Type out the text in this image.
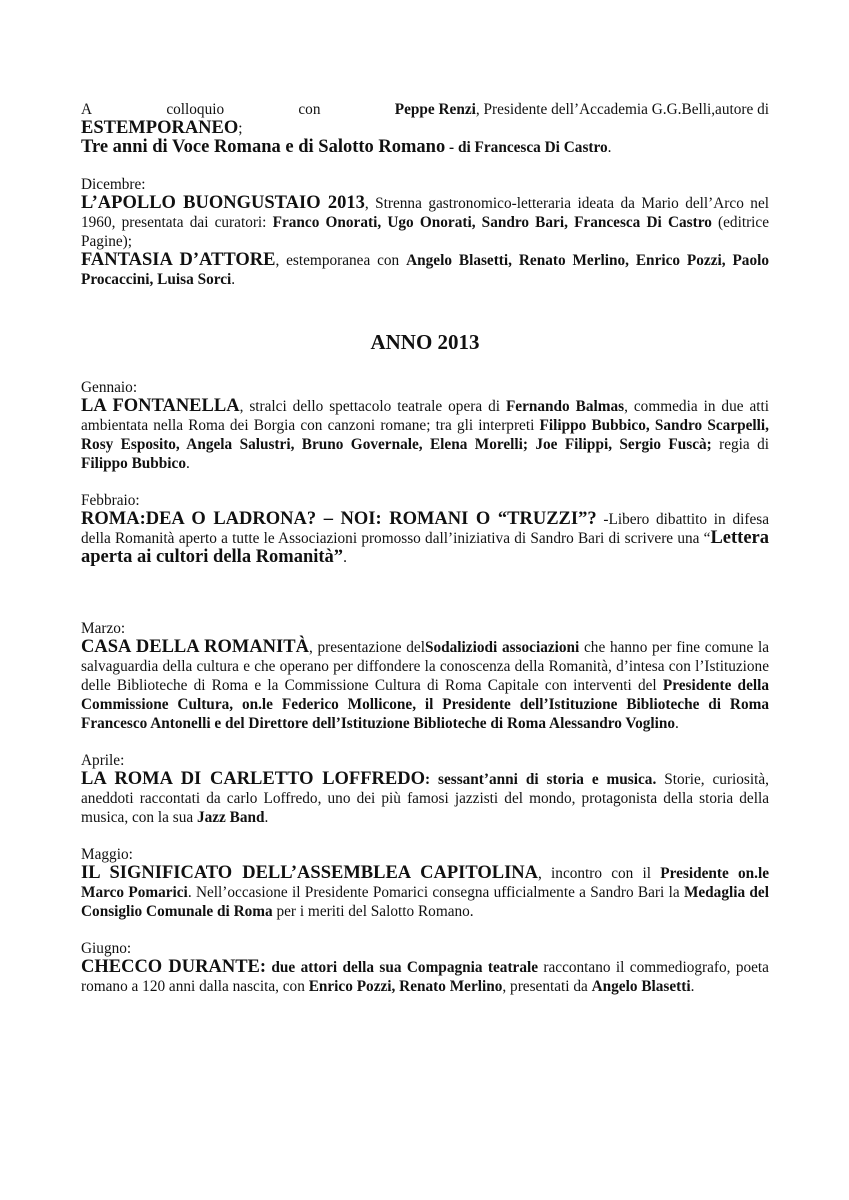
A	colloquio	con	Peppe Renzi, Presidente dell’Accademia G.G.Belli,autore di

ESTEMPORANEO;

Tre anni di Voce Romana e di Salotto Romano - di Francesca Di Castro.

Dicembre:

L’APOLLO BUONGUSTAIO 2013, Strenna gastronomico-letteraria ideata da Mario dell’Arco nel 1960, presentata dai curatori: Franco Onorati, Ugo Onorati, Sandro Bari, Francesca Di Castro (editrice Pagine);

FANTASIA D’ATTORE, estemporanea con Angelo Blasetti, Renato Merlino, Enrico Pozzi, Paolo Procaccini, Luisa Sorci.

ANNO 2013

Gennaio:

LA FONTANELLA, stralci dello spettacolo teatrale opera di Fernando Balmas, commedia in due atti ambientata nella Roma dei Borgia con canzoni romane; tra gli interpreti Filippo Bubbico, Sandro Scarpelli, Rosy Esposito, Angela Salustri, Bruno Governale, Elena Morelli; Joe Filippi, Sergio Fuscà; regia di Filippo Bubbico.

Febbraio:

ROMA:DEA O LADRONA? – NOI: ROMANI O “TRUZZI”? -Libero dibattito in difesa della Romanità aperto a tutte le Associazioni promosso dall’iniziativa di Sandro Bari di scrivere una “Lettera aperta ai cultori della Romanità”.

Marzo:

CASA DELLA ROMANITÀ, presentazione delSodaliziodi associazioni che hanno per fine comune la salvaguardia della cultura e che operano per diffondere la conoscenza della Romanità, d’intesa con l’Istituzione delle Biblioteche di Roma e la Commissione Cultura di Roma Capitale con interventi del Presidente della Commissione Cultura, on.le Federico Mollicone, il Presidente dell’Istituzione Biblioteche di Roma Francesco Antonelli e del Direttore dell’Istituzione Biblioteche di Roma Alessandro Voglino.

Aprile:

LA ROMA DI CARLETTO LOFFREDO: sessant’anni di storia e musica. Storie, curiosità, aneddoti raccontati da carlo Loffredo, uno dei più famosi jazzisti del mondo, protagonista della storia della musica, con la sua Jazz Band.

Maggio:

IL SIGNIFICATO DELL’ASSEMBLEA CAPITOLINA, incontro con il Presidente on.le Marco Pomarici. Nell’occasione il Presidente Pomarici consegna ufficialmente a Sandro Bari la Medaglia del Consiglio Comunale di Roma per i meriti del Salotto Romano.

Giugno:

CHECCO DURANTE: due attori della sua Compagnia teatrale raccontano il commediografo, poeta romano a 120 anni dalla nascita, con Enrico Pozzi, Renato Merlino, presentati da Angelo Blasetti.
